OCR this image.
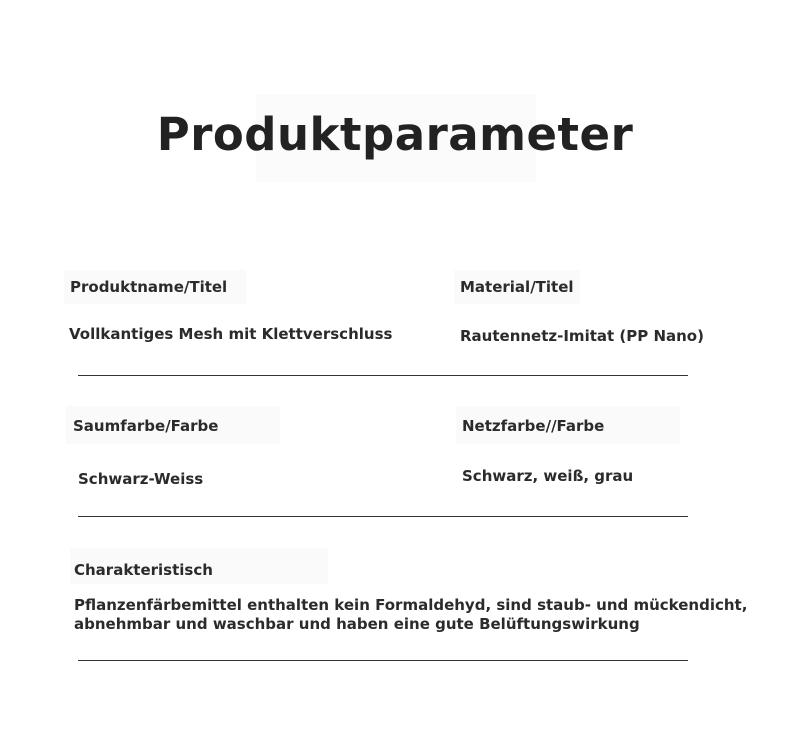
Produktparameter
Produktname/Titel
Vollkantiges Mesh mit Klettverschluss
Material/Titel
Rautennetz-Imitat (PP Nano)
Saumfarbe/Farbe
Schwarz-Weiss
Netzfarbe//Farbe
Schwarz, weiß, grau
Charakteristisch
Pflanzenfärbemittel enthalten kein Formaldehyd, sind staub- und mückendicht,
abnehmbar und waschbar und haben eine gute Belüftungswirkung
